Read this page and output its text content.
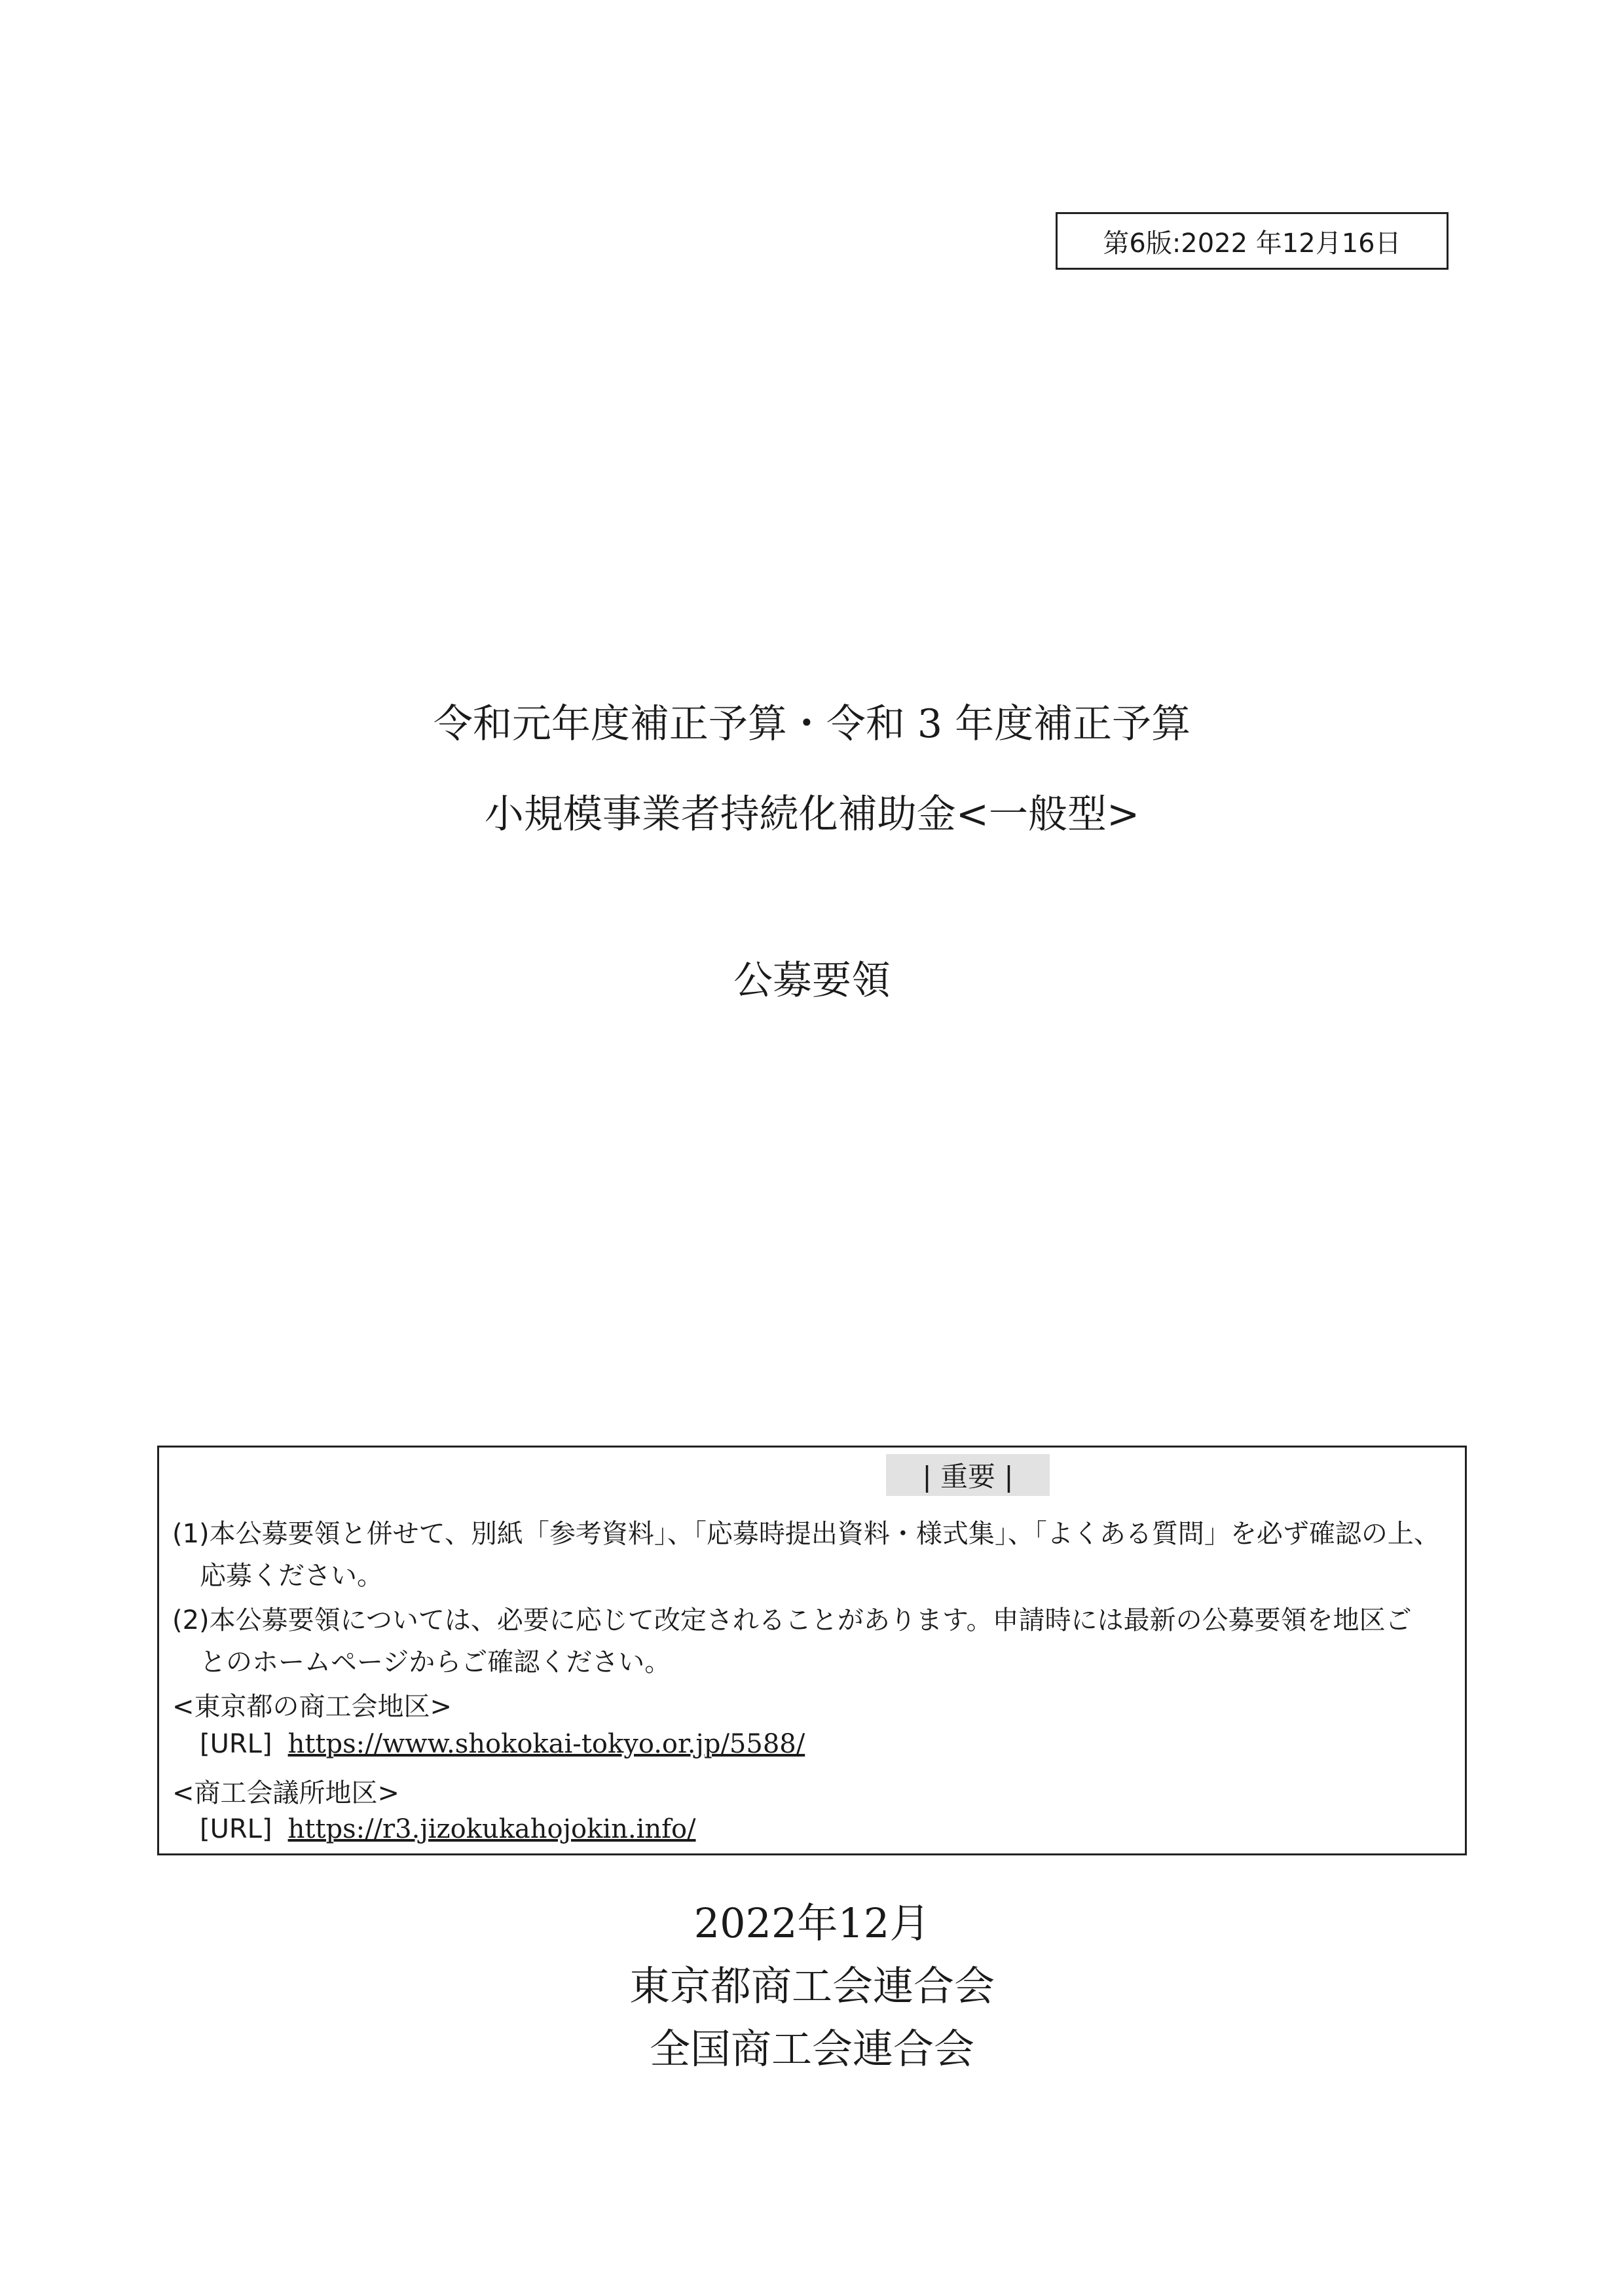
第6版:2022 年12月16日
令和元年度補正予算・令和 3 年度補正予算
小規模事業者持続化補助金<一般型>
公募要領
| 重要 |
(1)本公募要領と併せて、別紙「参考資料」、「応募時提出資料・様式集」、「よくある質問」を必ず確認の上、
応募ください。
(2)本公募要領については、必要に応じて改定されることがあります。申請時には最新の公募要領を地区ご
とのホームページからご確認ください。
<東京都の商工会地区>
[URL] https://www.shokokai-tokyo.or.jp/5588/
<商工会議所地区>
[URL] https://r3.jizokukahojokin.info/
2022年12月
東京都商工会連合会
全国商工会連合会
